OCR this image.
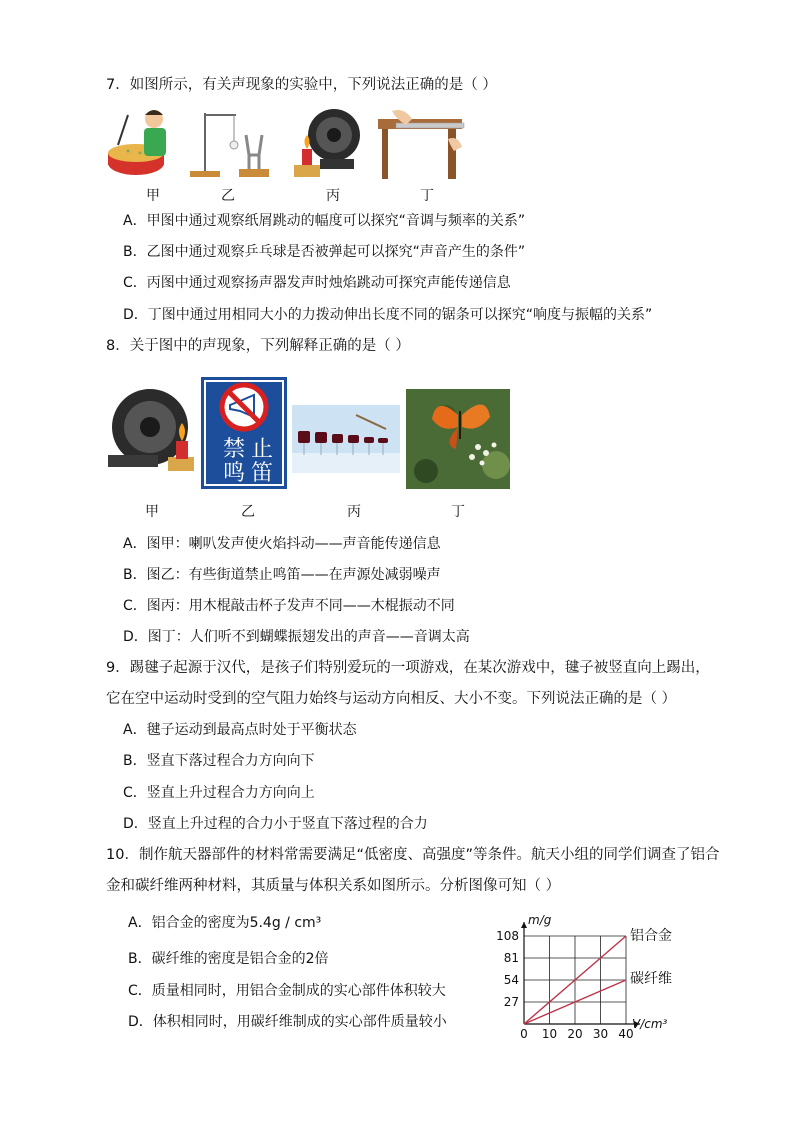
7．如图所示，有关声现象的实验中，下列说法正确的是（ ）
甲	乙	丙	丁
A．甲图中通过观察纸屑跳动的幅度可以探究“音调与频率的关系”
B．乙图中通过观察乒乓球是否被弹起可以探究“声音产生的条件”
C．丙图中通过观察扬声器发声时烛焰跳动可探究声能传递信息
D．丁图中通过用相同大小的力拨动伸出长度不同的锯条可以探究“响度与振幅的关系”
8．关于图中的声现象，下列解释正确的是（ ）
禁 止
鸣 笛
甲	乙	丙	丁
A．图甲：喇叭发声使火焰抖动——声音能传递信息
B．图乙：有些街道禁止鸣笛——在声源处减弱噪声
C．图丙：用木棍敲击杯子发声不同——木棍振动不同
D．图丁：人们听不到蝴蝶振翅发出的声音——音调太高
9．踢毽子起源于汉代，是孩子们特别爱玩的一项游戏，在某次游戏中，毽子被竖直向上踢出，
它在空中运动时受到的空气阻力始终与运动方向相反、大小不变。下列说法正确的是（ ）
A．毽子运动到最高点时处于平衡状态
B．竖直下落过程合力方向向下
C．竖直上升过程合力方向向上
D．竖直上升过程的合力小于竖直下落过程的合力
10．制作航天器部件的材料常需要满足“低密度、高强度”等条件。航天小组的同学们调查了铝合
金和碳纤维两种材料，其质量与体积关系如图所示。分析图像可知（ ）
A．铝合金的密度为5.4g / cm³
B．碳纤维的密度是铝合金的2倍
C．质量相同时，用铝合金制成的实心部件体积较大
D．体积相同时，用碳纤维制成的实心部件质量较小
0 10 20 30 40
27
54
81
108
V/cm³
m/g
铝合金
碳纤维
